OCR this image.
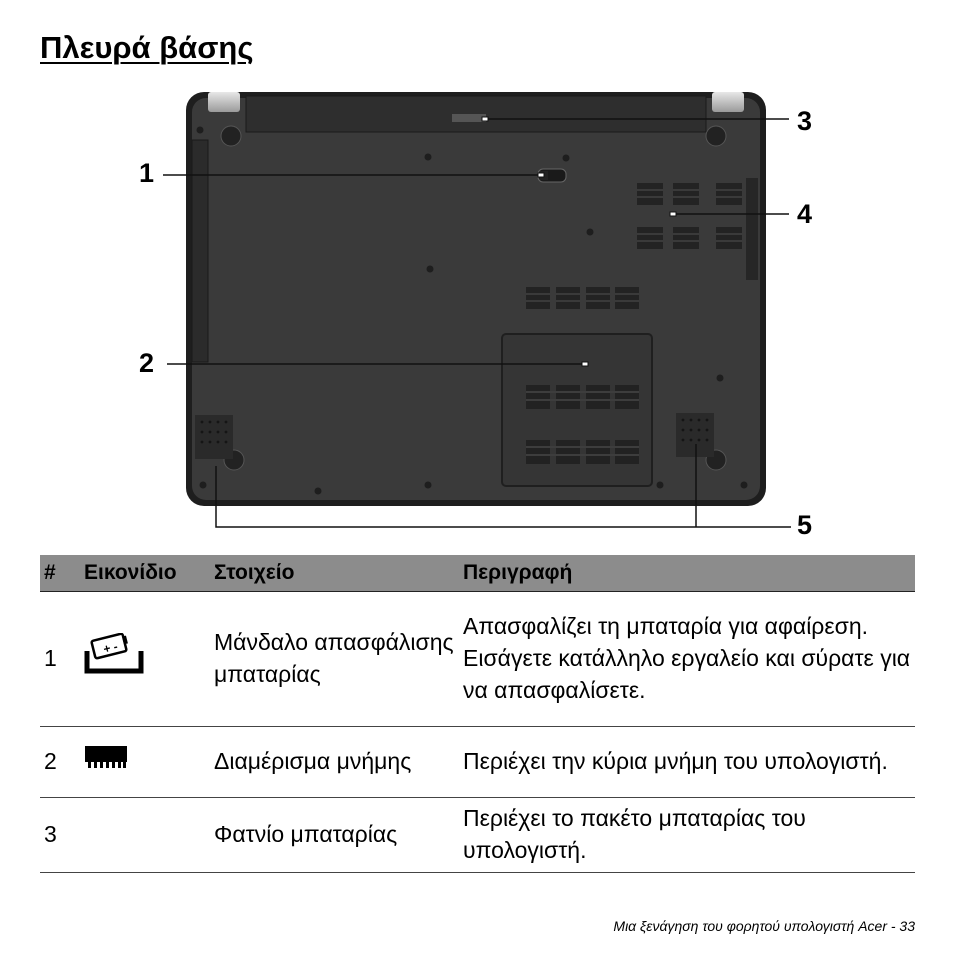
Πλευρά βάσης
1
2
3
4
5
#	Εικονίδιο	Στοιχείο	Περιγραφή
1	+ -	Μάνδαλο απασφάλισης μπαταρίας	Απασφαλίζει τη μπαταρία για αφαίρεση. Εισάγετε κατάλληλο εργαλείο και σύρατε για να απασφαλίσετε.
2		Διαμέρισμα μνήμης	Περιέχει την κύρια μνήμη του υπολογιστή.
3		Φατνίο μπαταρίας	Περιέχει το πακέτο μπαταρίας του υπολογιστή.
Μια ξενάγηση του φορητού υπολογιστή Acer - 33
